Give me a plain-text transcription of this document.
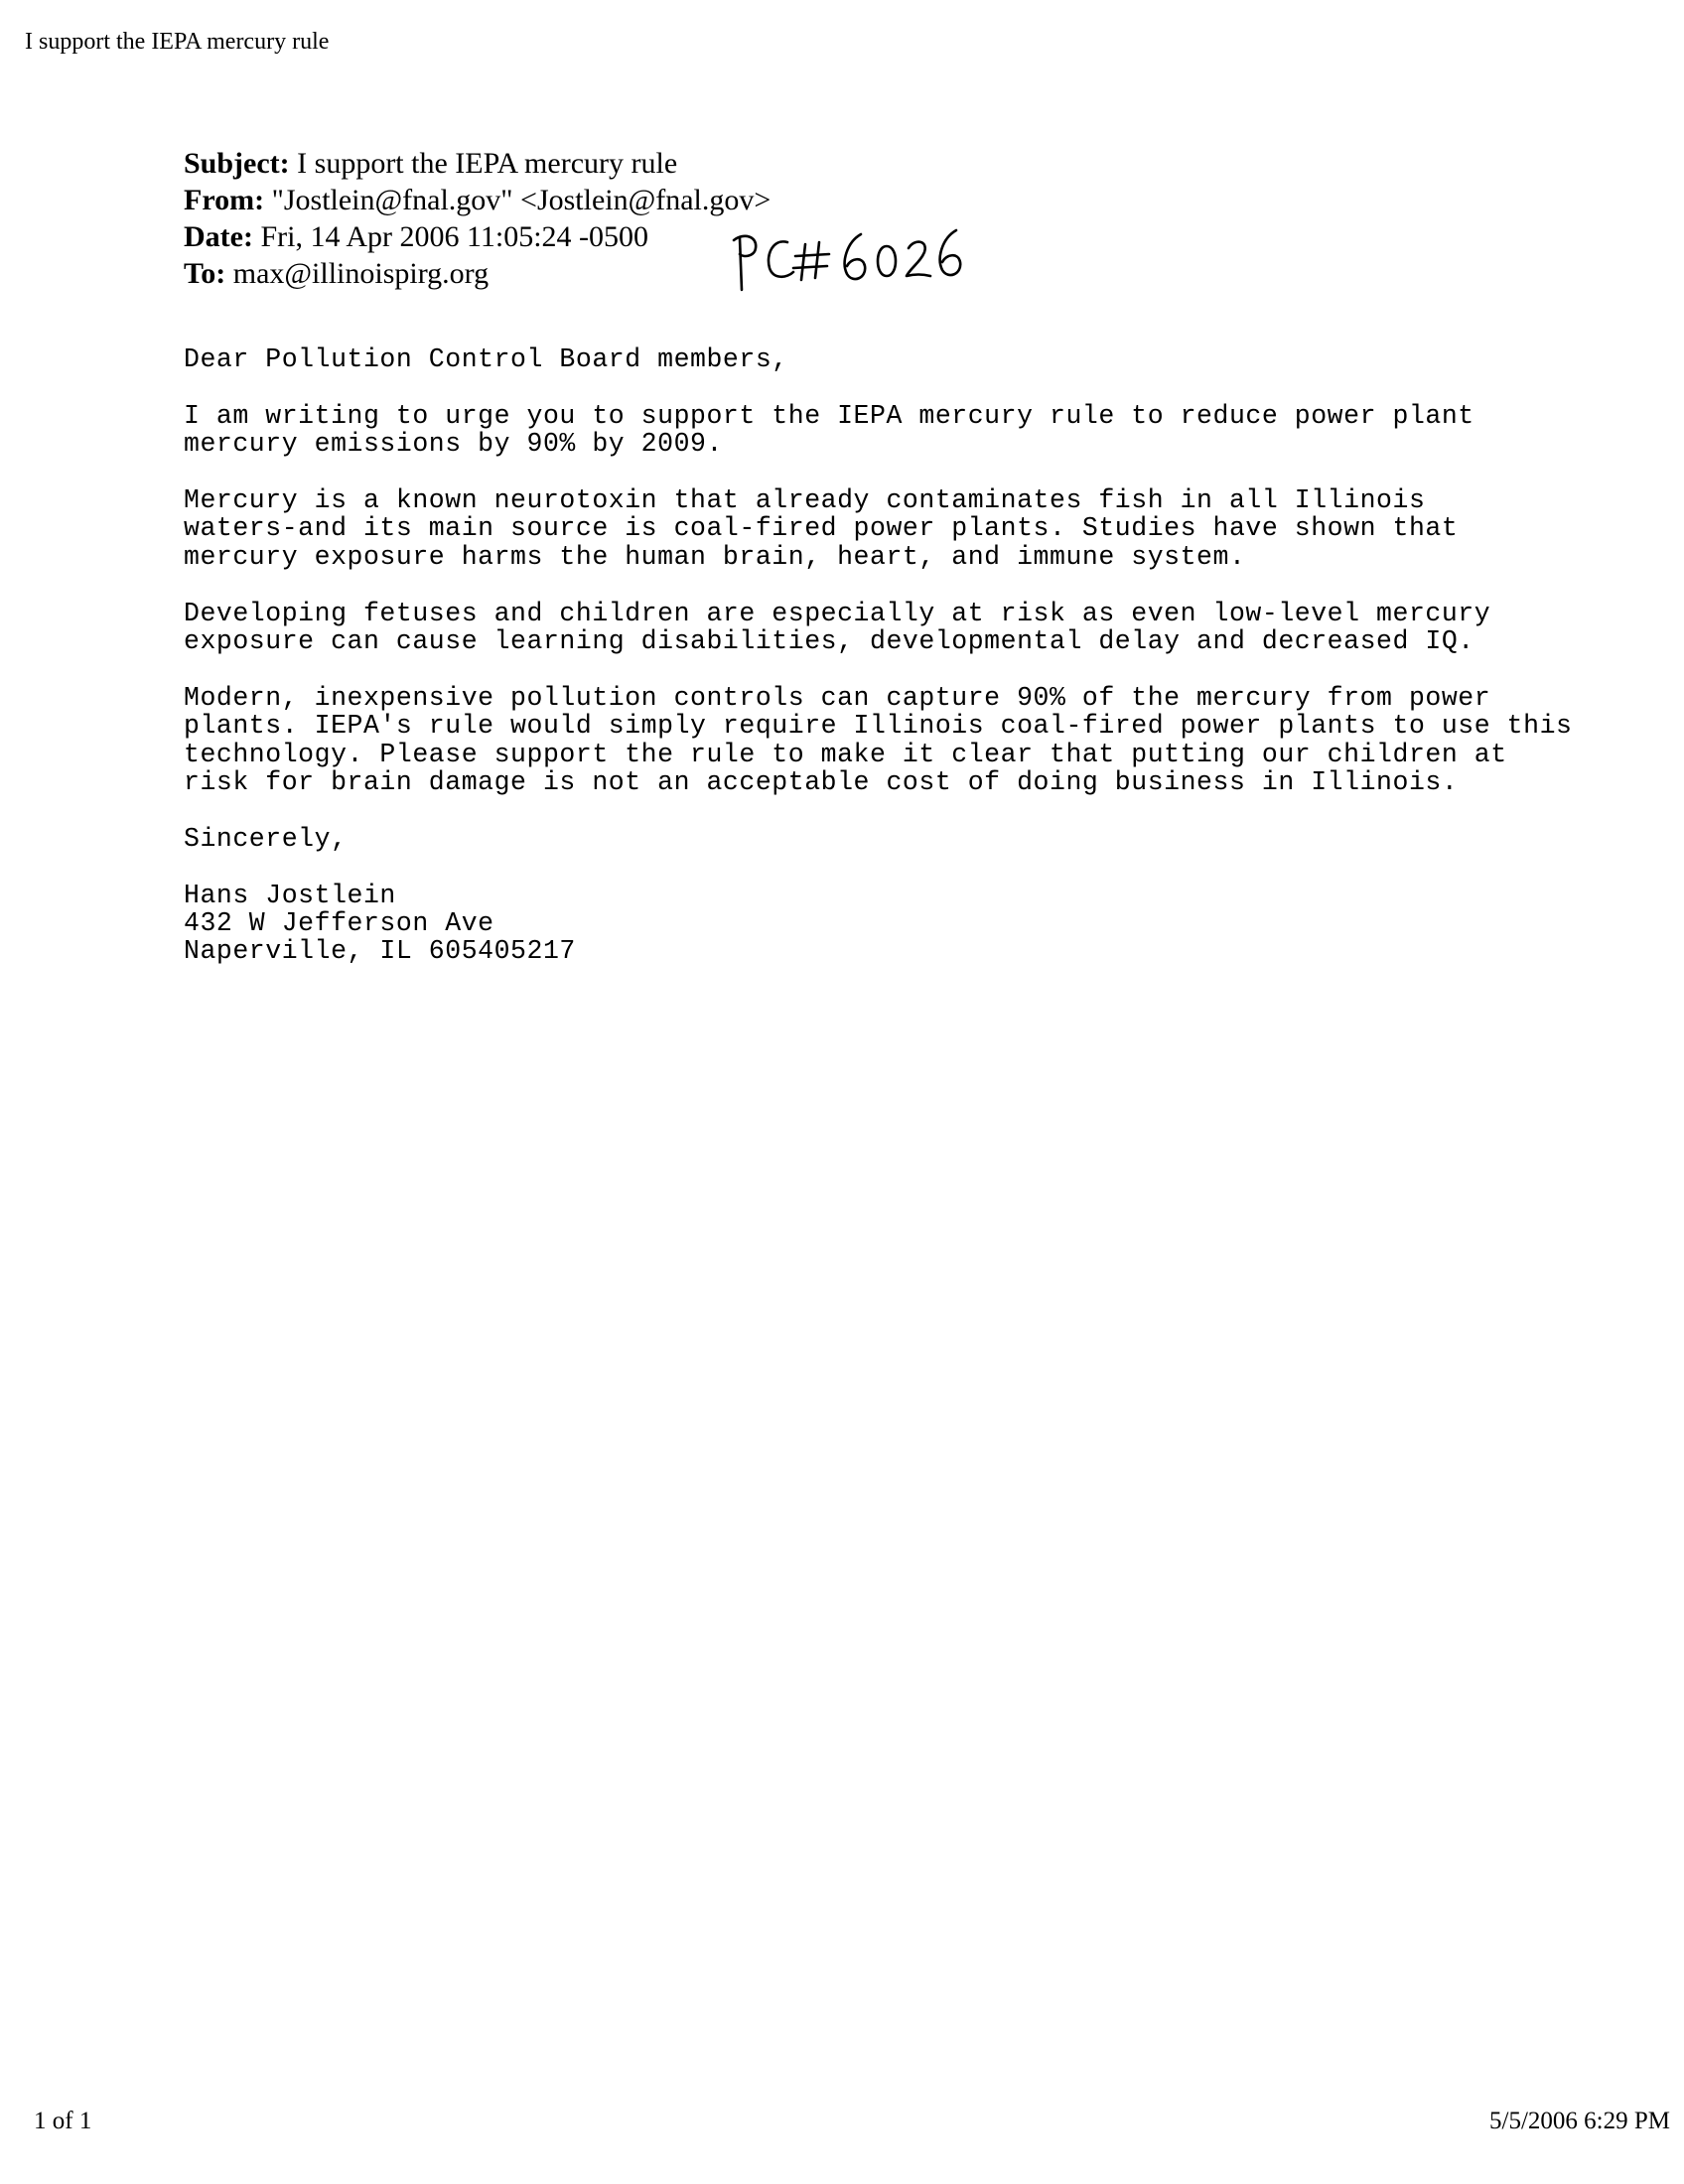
I support the IEPA mercury rule
Subject: I support the IEPA mercury rule
From: "Jostlein@fnal.gov" <Jostlein@fnal.gov>
Date: Fri, 14 Apr 2006 11:05:24 -0500
To: max@illinoispirg.org
Dear Pollution Control Board members,
I am writing to urge you to support the IEPA mercury rule to reduce power plant
mercury emissions by 90% by 2009.
Mercury is a known neurotoxin that already contaminates fish in all Illinois
waters-and its main source is coal-fired power plants. Studies have shown that
mercury exposure harms the human brain, heart, and immune system.
Developing fetuses and children are especially at risk as even low-level mercury
exposure can cause learning disabilities, developmental delay and decreased IQ.
Modern, inexpensive pollution controls can capture 90% of the mercury from power
plants. IEPA's rule would simply require Illinois coal-fired power plants to use this
technology. Please support the rule to make it clear that putting our children at
risk for brain damage is not an acceptable cost of doing business in Illinois.
Sincerely,
Hans Jostlein
432 W Jefferson Ave
Naperville, IL 605405217
1 of 1	5/5/2006 6:29 PM
